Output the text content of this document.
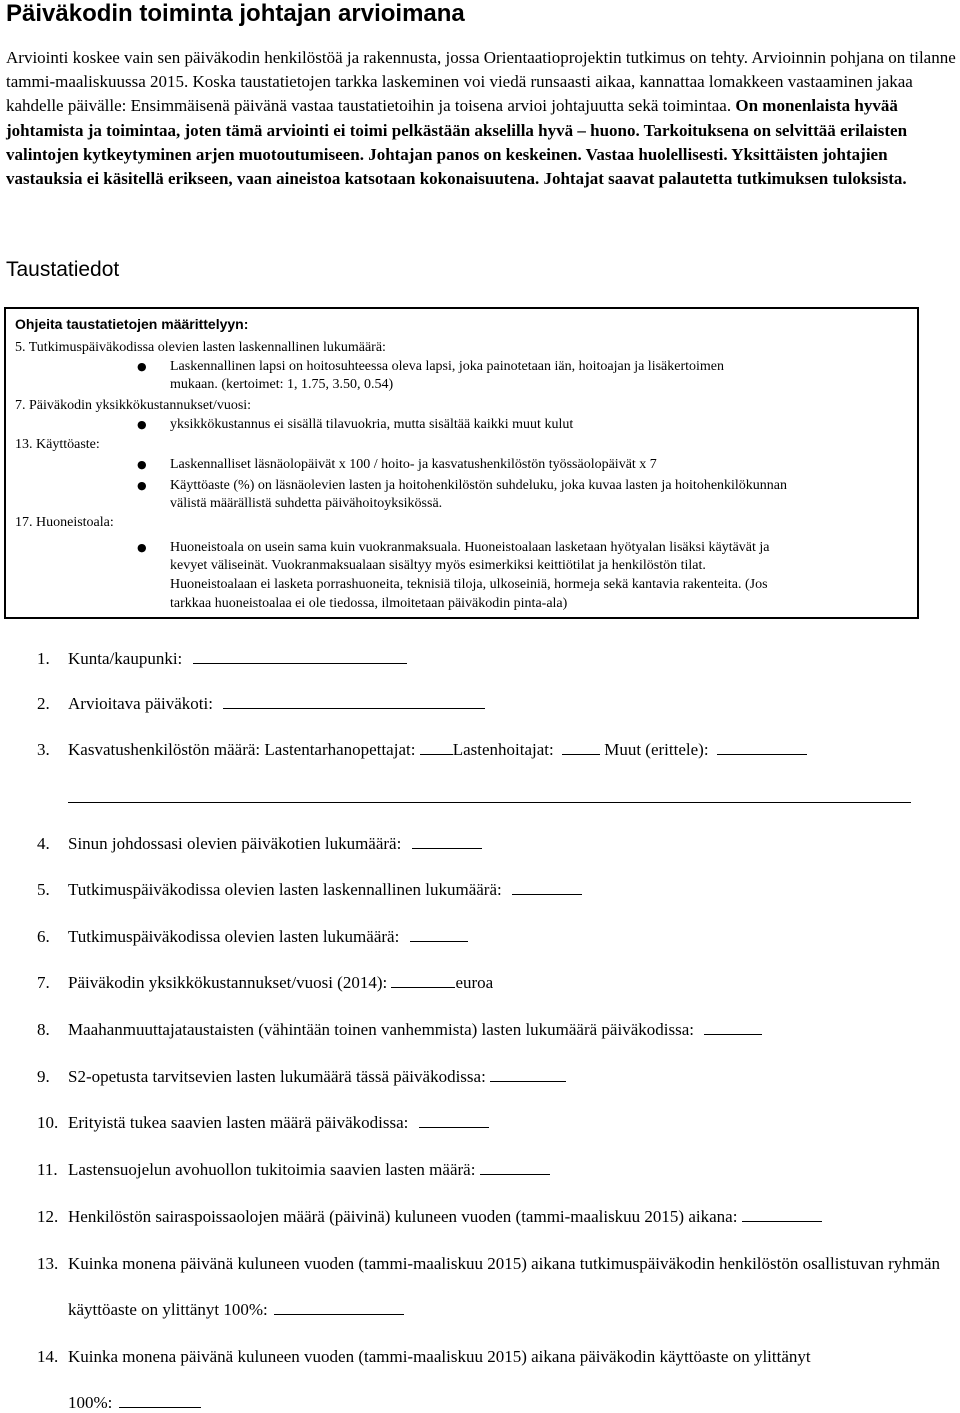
Päiväkodin toiminta johtajan arvioimana
Arviointi koskee vain sen päiväkodin henkilöstöä ja rakennusta, jossa Orientaatioprojektin tutkimus on tehty. Arvioinnin pohjana on tilanne tammi-maaliskuussa 2015. Koska taustatietojen tarkka laskeminen voi viedä runsaasti aikaa, kannattaa lomakkeen vastaaminen jakaa kahdelle päivälle: Ensimmäisenä päivänä vastaa taustatietoihin ja toisena arvioi johtajuutta sekä toimintaa. On monenlaista hyvää johtamista ja toimintaa, joten tämä arviointi ei toimi pelkästään akselilla hyvä – huono. Tarkoituksena on selvittää erilaisten valintojen kytkeytyminen arjen muotoutumiseen. Johtajan panos on keskeinen. Vastaa huolellisesti. Yksittäisten johtajien vastauksia ei käsitellä erikseen, vaan aineistoa katsotaan kokonaisuutena. Johtajat saavat palautetta tutkimuksen tuloksista.
Taustatiedot
Ohjeita taustatietojen määrittelyyn:
5. Tutkimuspäiväkodissa olevien lasten laskennallinen lukumäärä:
● Laskennallinen lapsi on hoitosuhteessa oleva lapsi, joka painotetaan iän, hoitoajan ja lisäkertoimen
mukaan. (kertoimet: 1, 1.75, 3.50, 0.54)
7. Päiväkodin yksikkökustannukset/vuosi:
● yksikkökustannus ei sisällä tilavuokria, mutta sisältää kaikki muut kulut
13. Käyttöaste:
● Laskennalliset läsnäolopäivät x 100 / hoito- ja kasvatushenkilöstön työssäolopäivät x 7
● Käyttöaste (%) on läsnäolevien lasten ja hoitohenkilöstön suhdeluku, joka kuvaa lasten ja hoitohenkilökunnan
välistä määrällistä suhdetta päivähoitoyksikössä.
17. Huoneistoala:
● Huoneistoala on usein sama kuin vuokranmaksuala. Huoneistoalaan lasketaan hyötyalan lisäksi käytävät ja
kevyet väliseinät. Vuokranmaksualaan sisältyy myös esimerkiksi keittiötilat ja henkilöstön tilat.
Huoneistoalaan ei lasketa porrashuoneita, teknisiä tiloja, ulkoseiniä, hormeja sekä kantavia rakenteita. (Jos
tarkkaa huoneistoalaa ei ole tiedossa, ilmoitetaan päiväkodin pinta-ala)
1. Kunta/kaupunki:
2. Arvioitava päiväkoti:
3. Kasvatushenkilöstön määrä: Lastentarhanopettajat: Lastenhoitajat:	Muut (erittele):
4. Sinun johdossasi olevien päiväkotien lukumäärä:
5. Tutkimuspäiväkodissa olevien lasten laskennallinen lukumäärä:
6. Tutkimuspäiväkodissa olevien lasten lukumäärä:
7. Päiväkodin yksikkökustannukset/vuosi (2014):	euroa
8. Maahanmuuttajataustaisten (vähintään toinen vanhemmista) lasten lukumäärä päiväkodissa:
9. S2-opetusta tarvitsevien lasten lukumäärä tässä päiväkodissa:
10. Erityistä tukea saavien lasten määrä päiväkodissa:
11. Lastensuojelun avohuollon tukitoimia saavien lasten määrä:
12. Henkilöstön sairaspoissaolojen määrä (päivinä) kuluneen vuoden (tammi-maaliskuu 2015) aikana:
13. Kuinka monena päivänä kuluneen vuoden (tammi-maaliskuu 2015) aikana tutkimuspäiväkodin henkilöstön osallistuvan ryhmän
käyttöaste on ylittänyt 100%:
14. Kuinka monena päivänä kuluneen vuoden (tammi-maaliskuu 2015) aikana päiväkodin käyttöaste on ylittänyt
100%:
